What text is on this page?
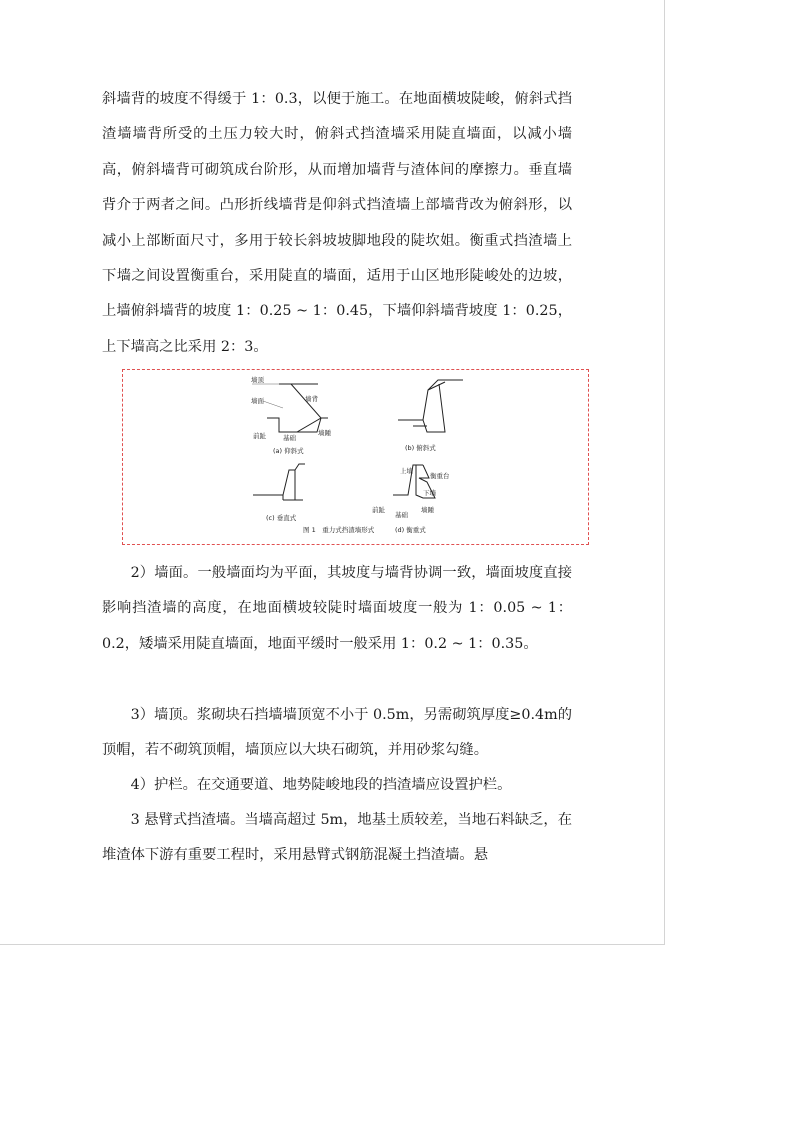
斜墙背的坡度不得缓于 1：0.3，以便于施工。在地面横坡陡峻，俯斜式挡渣墙墙背所受的土压力较大时，俯斜式挡渣墙采用陡直墙面，以减小墙高，俯斜墙背可砌筑成台阶形，从而增加墙背与渣体间的摩擦力。垂直墙背介于两者之间。凸形折线墙背是仰斜式挡渣墙上部墙背改为俯斜形，以减小上部断面尺寸，多用于较长斜坡坡脚地段的陡坎姐。衡重式挡渣墙上下墙之间设置衡重台，采用陡直的墙面，适用于山区地形陡峻处的边坡，上墙俯斜墙背的坡度 1：0.25 ~ 1：0.45，下墙仰斜墙背坡度 1：0.25，上下墙高之比采用 2：3。

墙顶
墙面	墙背
前趾	基础
墙踵
(a) 仰斜式	(b) 俯斜式
(c) 垂直式
上墙
衡重台
下墙
前趾
基础
墙踵
(d) 衡重式
图 1　重力式挡渣墙形式

2）墙面。一般墙面均为平面，其坡度与墙背协调一致，墙面坡度直接影响挡渣墙的高度，在地面横坡较陡时墙面坡度一般为 1：0.05 ~ 1：0.2，矮墙采用陡直墙面，地面平缓时一般采用 1：0.2 ~ 1：0.35。

3）墙顶。浆砌块石挡墙墙顶宽不小于 0.5m，另需砌筑厚度≥0.4m的顶帽，若不砌筑顶帽，墙顶应以大块石砌筑，并用砂浆勾缝。

4）护栏。在交通要道、地势陡峻地段的挡渣墙应设置护栏。

3 悬臂式挡渣墙。当墙高超过 5m，地基土质较差，当地石料缺乏，在堆渣体下游有重要工程时，采用悬臂式钢筋混凝土挡渣墙。悬
